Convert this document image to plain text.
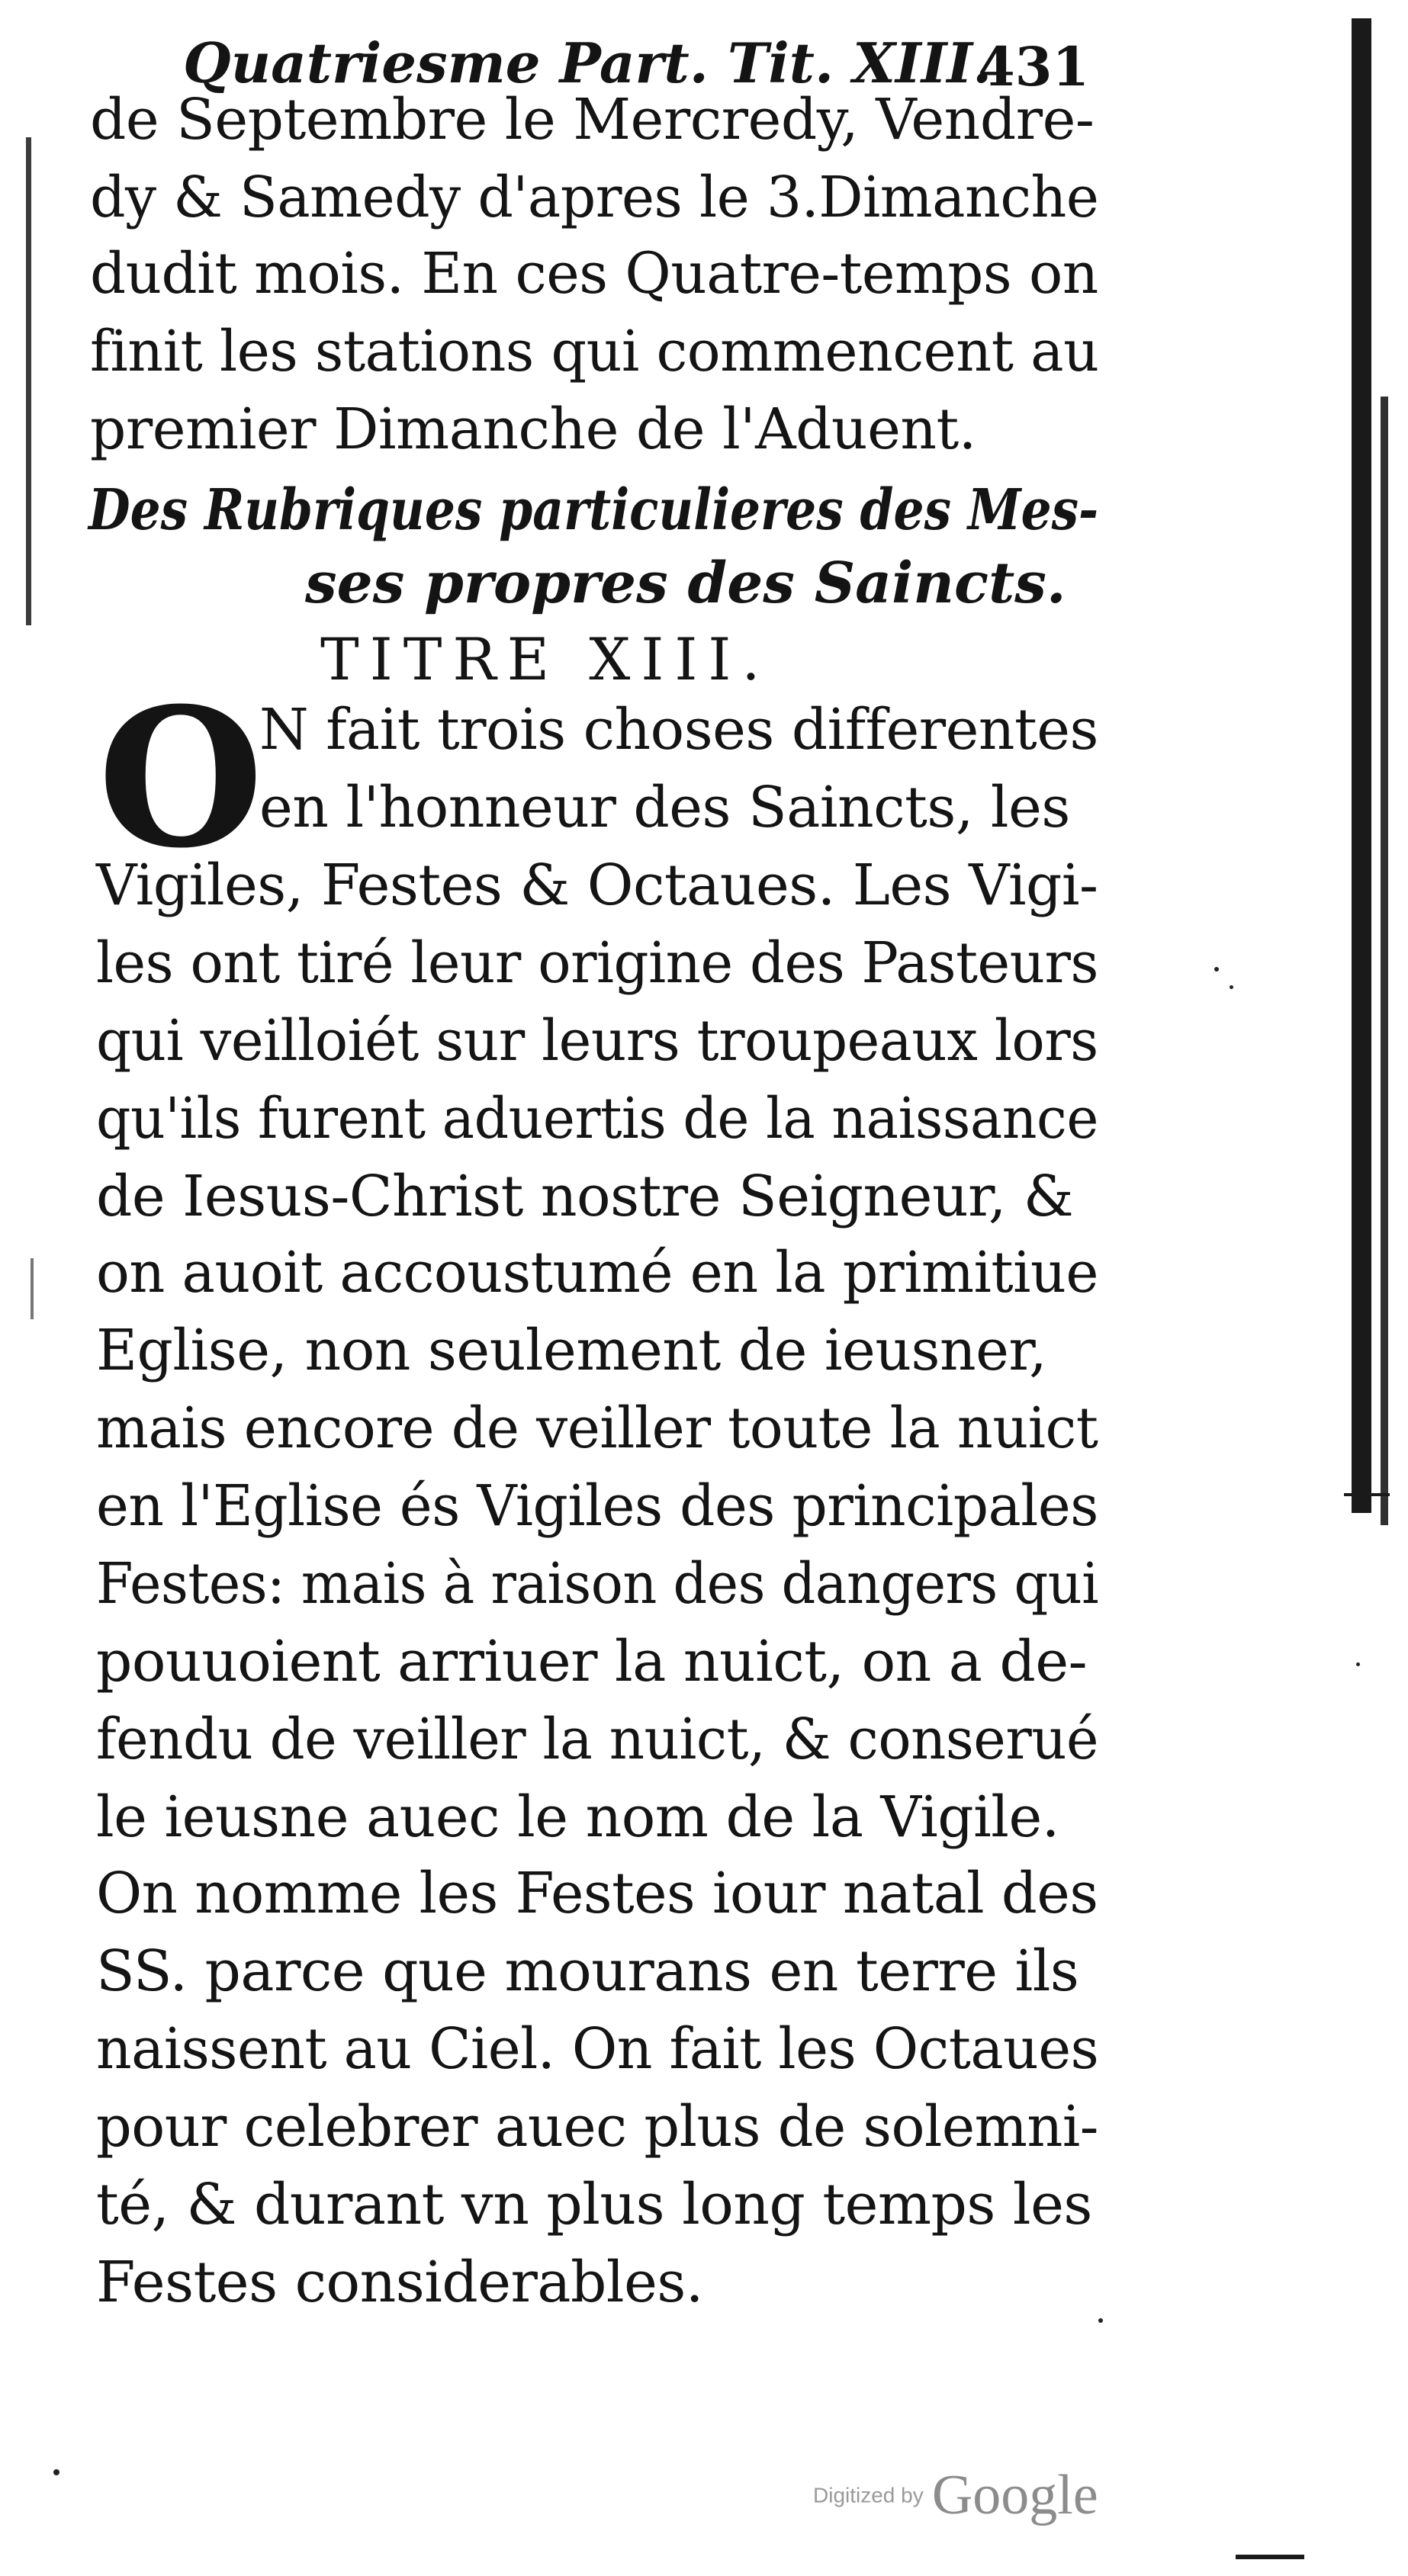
Quatriesme Part. Tit. XIII.
431
de Septembre le Mercredy, Vendre-
dy & Samedy d'apres le 3.Dimanche
dudit mois. En ces Quatre-temps on
finit les stations qui commencent au
premier Dimanche de l'Aduent.
Des Rubriques particulieres des Mes-
ses propres des Saincts.
TITRE XIII.
O
N fait trois choses differentes
en l'honneur des Saincts, les
Vigiles, Festes & Octaues. Les Vigi-
les ont tiré leur origine des Pasteurs
qui veilloiét sur leurs troupeaux lors
qu'ils furent aduertis de la naissance
de Iesus-Christ nostre Seigneur, &
on auoit accoustumé en la primitiue
Eglise, non seulement de ieusner,
mais encore de veiller toute la nuict
en l'Eglise és Vigiles des principales
Festes: mais à raison des dangers qui
pouuoient arriuer la nuict, on a de-
fendu de veiller la nuict, & conserué
le ieusne auec le nom de la Vigile.
On nomme les Festes iour natal des
SS. parce que mourans en terre ils
naissent au Ciel. On fait les Octaues
pour celebrer auec plus de solemni-
té, & durant vn plus long temps les
Festes considerables.
Digitized by Google
